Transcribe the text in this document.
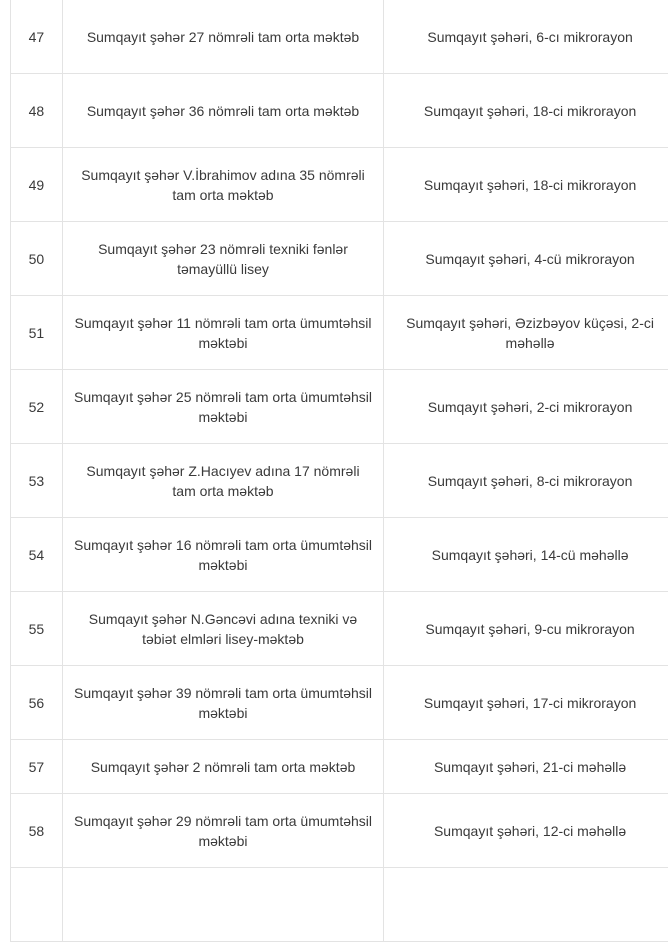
47	Sumqayıt şəhər 27 nömrəli tam orta məktəb	Sumqayıt şəhəri, 6-cı mikrorayon
48	Sumqayıt şəhər 36 nömrəli tam orta məktəb	Sumqayıt şəhəri, 18-ci mikrorayon
49	Sumqayıt şəhər V.İbrahimov adına 35 nömrəli tam orta məktəb	Sumqayıt şəhəri, 18-ci mikrorayon
50	Sumqayıt şəhər 23 nömrəli texniki fənlər təmayüllü lisey	Sumqayıt şəhəri, 4-cü mikrorayon
51	Sumqayıt şəhər 11 nömrəli tam orta ümumtəhsil məktəbi	Sumqayıt şəhəri, Əzizbəyov küçəsi, 2-ci məhəllə
52	Sumqayıt şəhər 25 nömrəli tam orta ümumtəhsil məktəbi	Sumqayıt şəhəri, 2-ci mikrorayon
53	Sumqayıt şəhər Z.Hacıyev adına 17 nömrəli tam orta məktəb	Sumqayıt şəhəri, 8-ci mikrorayon
54	Sumqayıt şəhər 16 nömrəli tam orta ümumtəhsil məktəbi	Sumqayıt şəhəri, 14-cü məhəllə
55	Sumqayıt şəhər N.Gəncəvi adına texniki və təbiət elmləri lisey-məktəb	Sumqayıt şəhəri, 9-cu mikrorayon
56	Sumqayıt şəhər 39 nömrəli tam orta ümumtəhsil məktəbi	Sumqayıt şəhəri, 17-ci mikrorayon
57	Sumqayıt şəhər 2 nömrəli tam orta məktəb	Sumqayıt şəhəri, 21-ci məhəllə
58	Sumqayıt şəhər 29 nömrəli tam orta ümumtəhsil məktəbi	Sumqayıt şəhəri, 12-ci məhəllə
